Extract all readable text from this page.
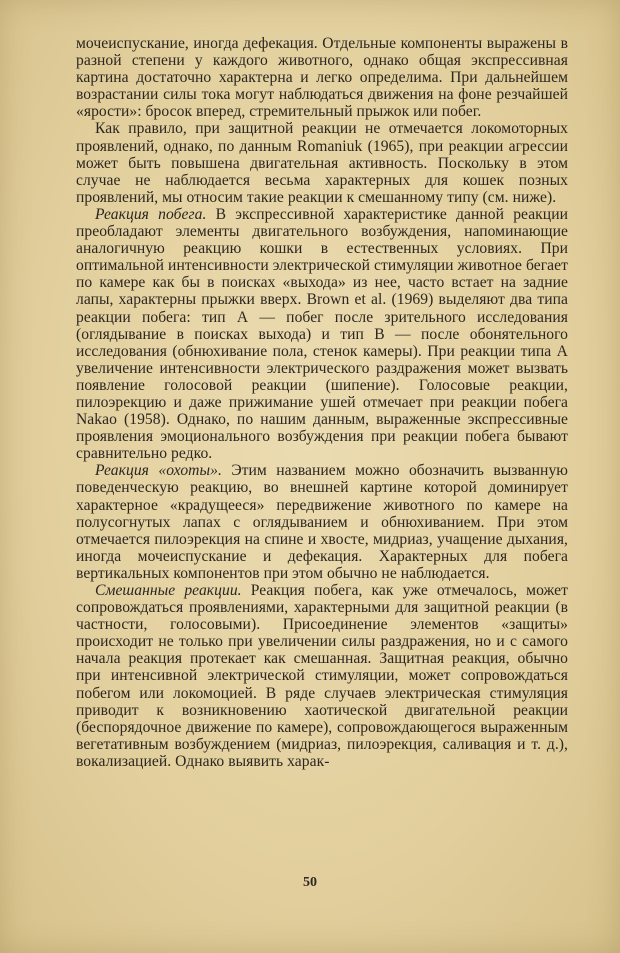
мочеиспускание, иногда дефекация. Отдельные компоненты выражены в разной степени у каждого животного, однако общая экспрессивная картина достаточно характерна и легко определима. При дальнейшем возрастании силы тока могут наблюдаться движения на фоне резчайшей «ярости»: бросок вперед, стремительный прыжок или побег.

Как правило, при защитной реакции не отмечается локомоторных проявлений, однако, по данным Romaniuk (1965), при реакции агрессии может быть повышена двигательная активность. Поскольку в этом случае не наблюдается весьма характерных для кошек позных проявлений, мы относим такие реакции к смешанному типу (см. ниже).

Реакция побега. В экспрессивной характеристике данной реакции преобладают элементы двигательного возбуждения, напоминающие аналогичную реакцию кошки в естественных условиях. При оптимальной интенсивности электрической стимуляции животное бегает по камере как бы в поисках «выхода» из нее, часто встает на задние лапы, характерны прыжки вверх. Brown et al. (1969) выделяют два типа реакции побега: тип А — побег после зрительного исследования (оглядывание в поисках выхода) и тип В — после обонятельного исследования (обнюхивание пола, стенок камеры). При реакции типа А увеличение интенсивности электрического раздражения может вызвать появление голосовой реакции (шипение). Голосовые реакции, пилоэрекцию и даже прижимание ушей отмечает при реакции побега Nakao (1958). Однако, по нашим данным, выраженные экспрессивные проявления эмоционального возбуждения при реакции побега бывают сравнительно редко.

Реакция «охоты». Этим названием можно обозначить вызванную поведенческую реакцию, во внешней картине которой доминирует характерное «крадущееся» передвижение животного по камере на полусогнутых лапах с оглядыванием и обнюхиванием. При этом отмечается пилоэрекция на спине и хвосте, мидриаз, учащение дыхания, иногда мочеиспускание и дефекация. Характерных для побега вертикальных компонентов при этом обычно не наблюдается.

Смешанные реакции. Реакция побега, как уже отмечалось, может сопровождаться проявлениями, характерными для защитной реакции (в частности, голосовыми). Присоединение элементов «защиты» происходит не только при увеличении силы раздражения, но и с самого начала реакция протекает как смешанная. Защитная реакция, обычно при интенсивной электрической стимуляции, может сопровождаться побегом или локомоцией. В ряде случаев электрическая стимуляция приводит к возникновению хаотической двигательной реакции (беспорядочное движение по камере), сопровождающегося выраженным вегетативным возбуждением (мидриаз, пилоэрекция, саливация и т. д.), вокализацией. Однако выявить харак-

50
